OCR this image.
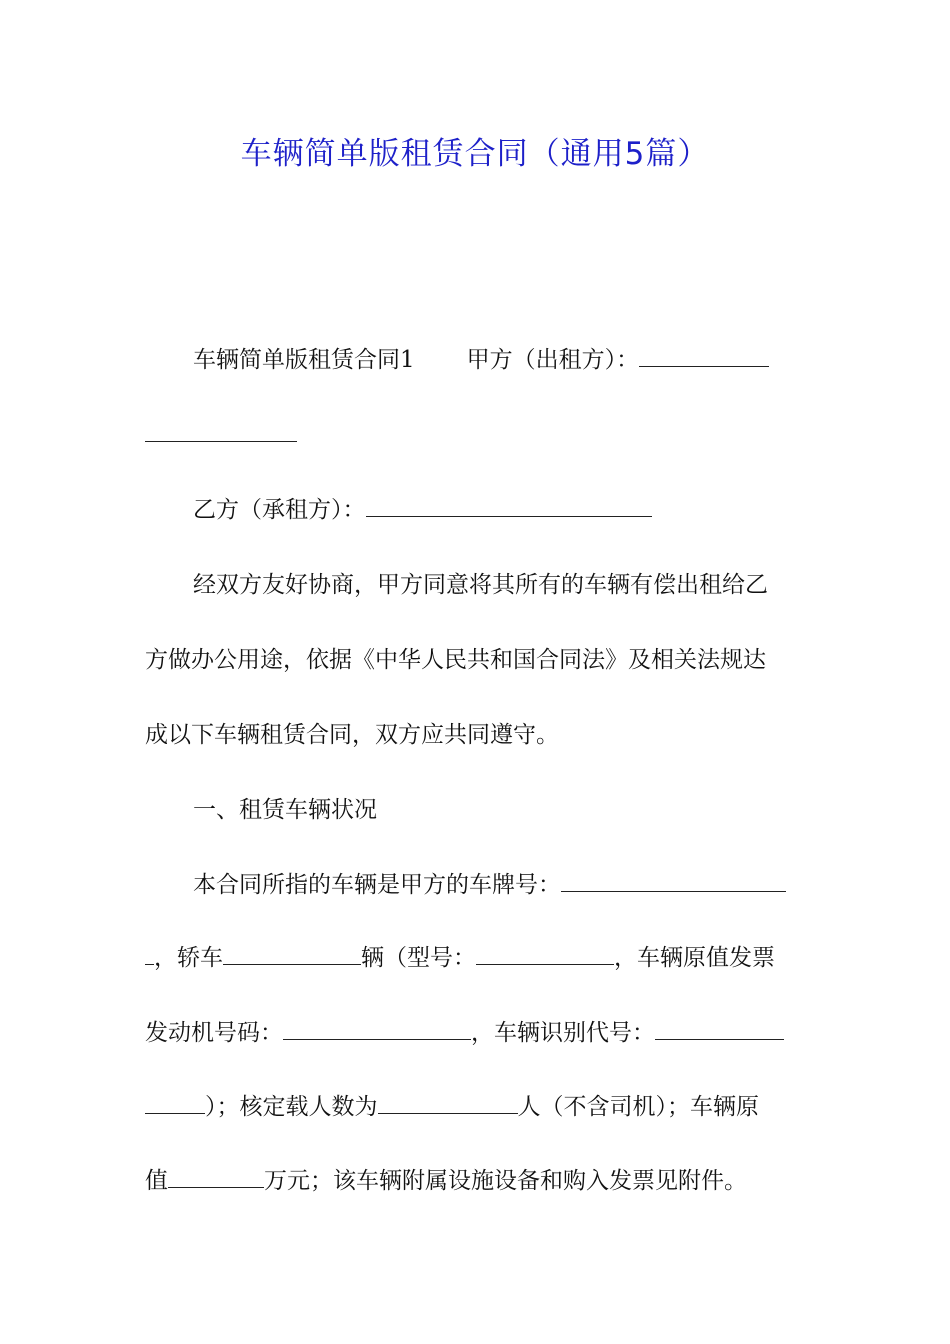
车辆简单版租赁合同（通用5篇）
车辆简单版租赁合同1 甲方（出租方）：
乙方（承租方）：
经双方友好协商，甲方同意将其所有的车辆有偿出租给乙
方做办公用途，依据《中华人民共和国合同法》及相关法规达
成以下车辆租赁合同，双方应共同遵守。
一、租赁车辆状况
本合同所指的车辆是甲方的车牌号：
，轿车	辆（型号：	，车辆原值发票
发动机号码：	，车辆识别代号：
）；核定载人数为	人（不含司机）；车辆原
值	万元；该车辆附属设施设备和购入发票见附件。
